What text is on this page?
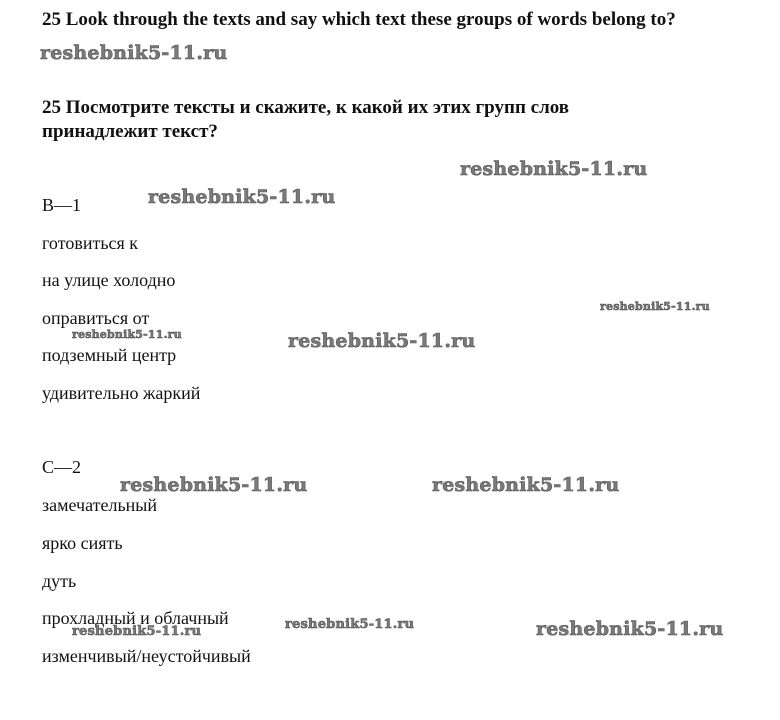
25 Look through the texts and say which text these groups of words belong to?
25 Посмотрите тексты и скажите, к какой их этих групп слов
принадлежит текст?
B—1
готовиться к
на улице холодно
оправиться от
подземный центр
удивительно жаркий
C—2
замечательный
ярко сиять
дуть
прохладный и облачный
изменчивый/неустойчивый
reshebnik5-11.ru
reshebnik5-11.ru
reshebnik5-11.ru
reshebnik5-11.ru
reshebnik5-11.ru	reshebnik5-11.ru
reshebnik5-11.ru	reshebnik5-11.ru
reshebnik5-11.ru	reshebnik5-11.ru
reshebnik5-11.ru
